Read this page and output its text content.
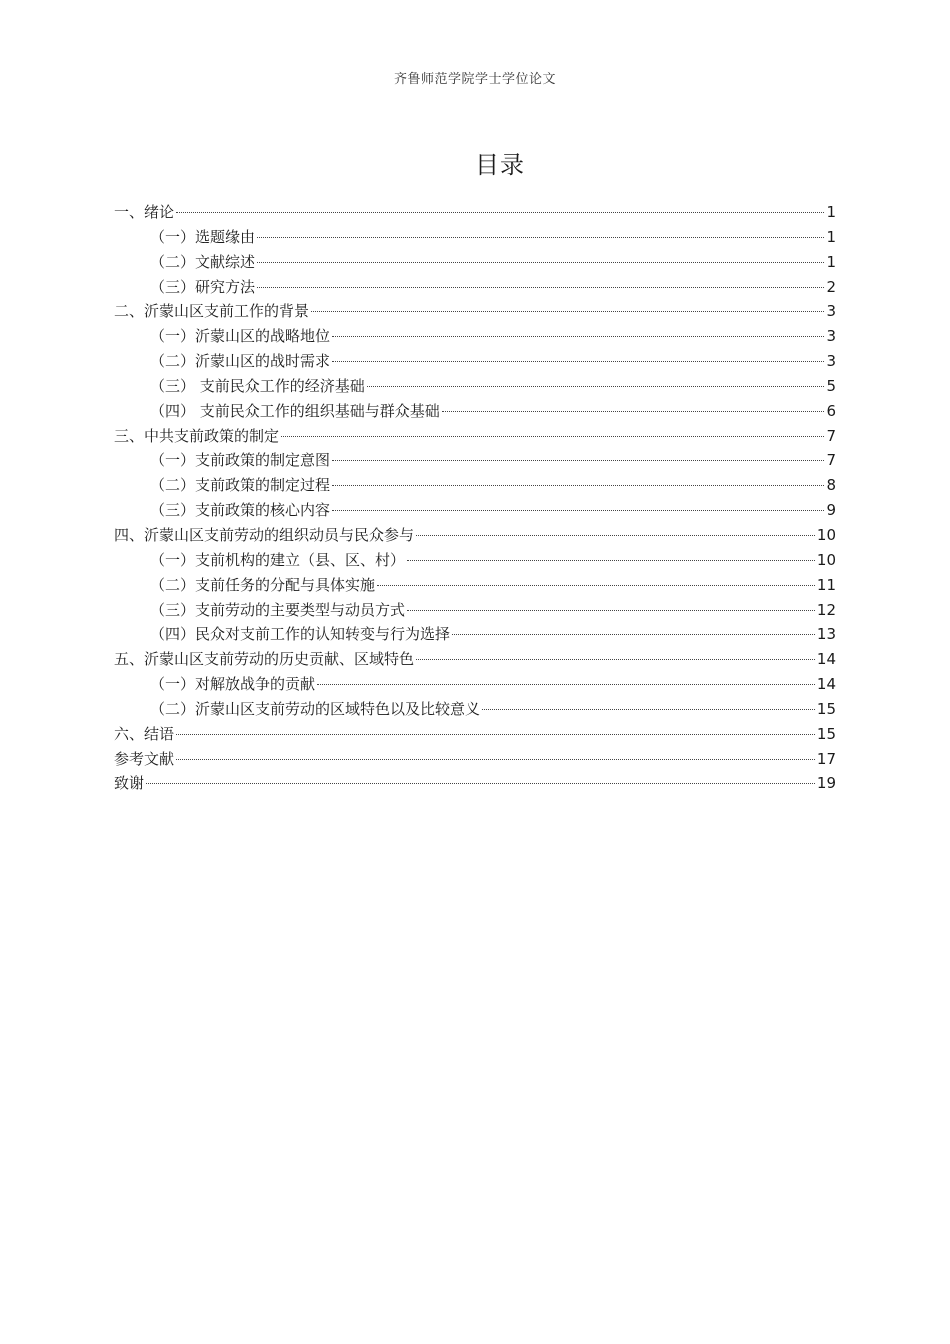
齐鲁师范学院学士学位论文
目录
一、绪论	1
（一）选题缘由	1
（二）文献综述	1
（三）研究方法	2
二、沂蒙山区支前工作的背景	3
（一）沂蒙山区的战略地位	3
（二）沂蒙山区的战时需求	3
（三） 支前民众工作的经济基础	5
（四） 支前民众工作的组织基础与群众基础	6
三、中共支前政策的制定	7
（一）支前政策的制定意图	7
（二）支前政策的制定过程	8
（三）支前政策的核心内容	9
四、沂蒙山区支前劳动的组织动员与民众参与	10
（一）支前机构的建立（县、区、村）	10
（二）支前任务的分配与具体实施	11
（三）支前劳动的主要类型与动员方式	12
（四）民众对支前工作的认知转变与行为选择	13
五、沂蒙山区支前劳动的历史贡献、区域特色	14
（一）对解放战争的贡献	14
（二）沂蒙山区支前劳动的区域特色以及比较意义	15
六、结语	15
参考文献	17
致谢	19
